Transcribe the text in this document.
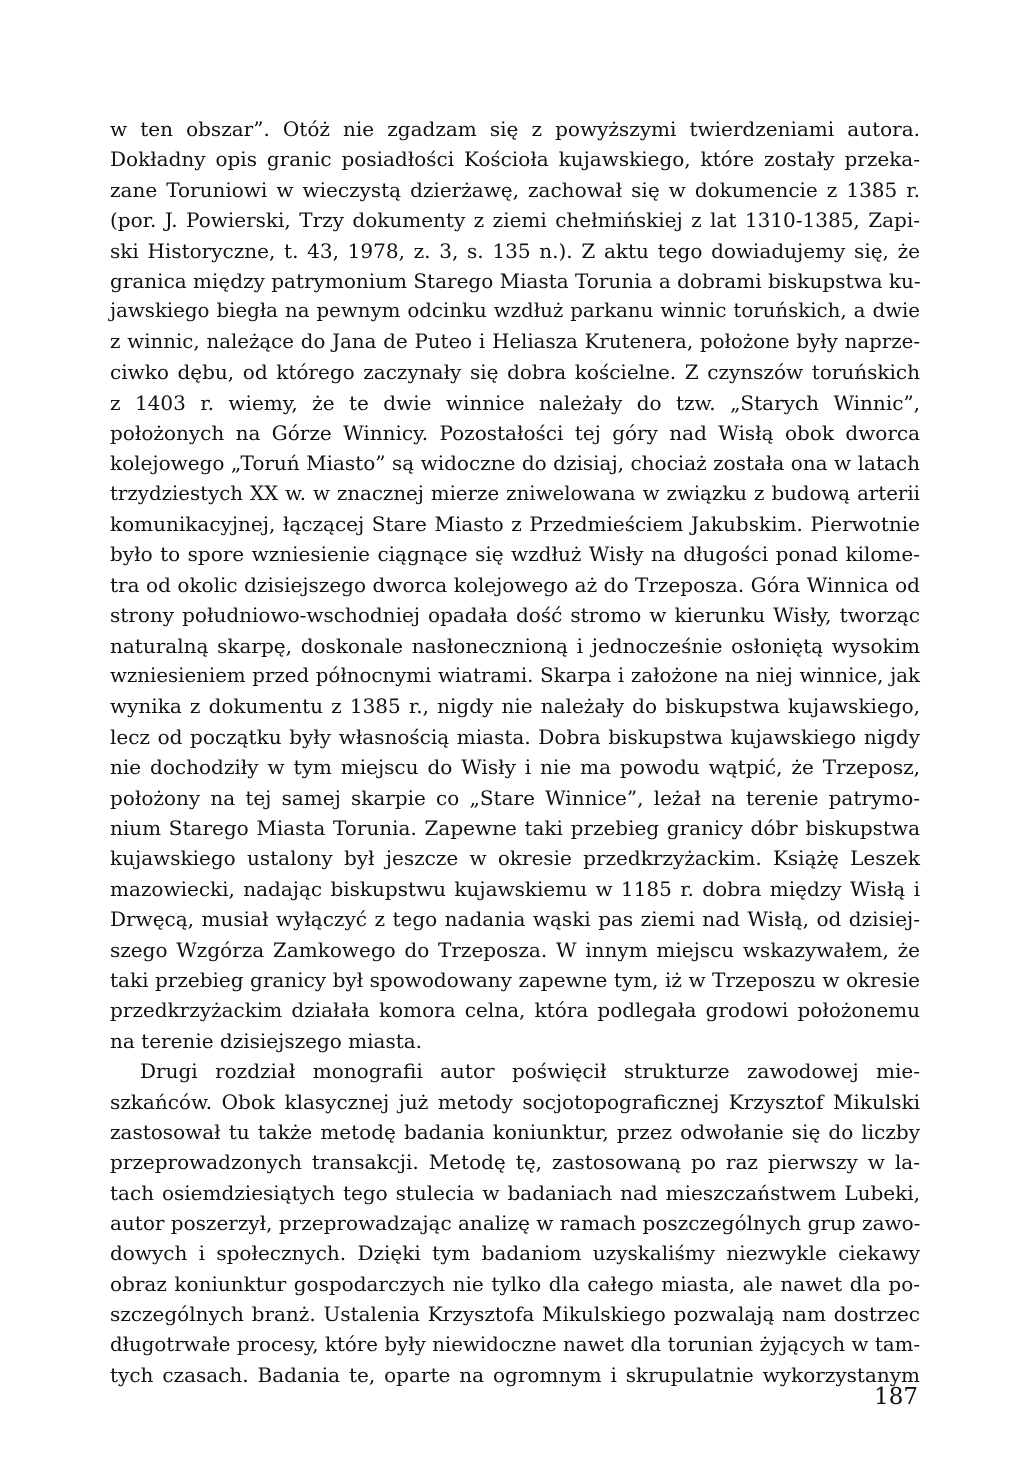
w ten obszar”. Otóż nie zgadzam się z powyższymi twierdzeniami autora.
Dokładny opis granic posiadłości Kościoła kujawskiego, które zostały przeka-
zane Toruniowi w wieczystą dzierżawę, zachował się w dokumencie z 1385 r.
(por. J. Powierski, Trzy dokumenty z ziemi chełmińskiej z lat 1310-1385, Zapi-
ski Historyczne, t. 43, 1978, z. 3, s. 135 n.). Z aktu tego dowiadujemy się, że
granica między patrymonium Starego Miasta Torunia a dobrami biskupstwa ku-
jawskiego biegła na pewnym odcinku wzdłuż parkanu winnic toruńskich, a dwie
z winnic, należące do Jana de Puteo i Heliasza Krutenera, położone były naprze-
ciwko dębu, od którego zaczynały się dobra kościelne. Z czynszów toruńskich
z 1403 r. wiemy, że te dwie winnice należały do tzw. „Starych Winnic”,
położonych na Górze Winnicy. Pozostałości tej góry nad Wisłą obok dworca
kolejowego „Toruń Miasto” są widoczne do dzisiaj, chociaż została ona w latach
trzydziestych XX w. w znacznej mierze zniwelowana w związku z budową arterii
komunikacyjnej, łączącej Stare Miasto z Przedmieściem Jakubskim. Pierwotnie
było to spore wzniesienie ciągnące się wzdłuż Wisły na długości ponad kilome-
tra od okolic dzisiejszego dworca kolejowego aż do Trzeposza. Góra Winnica od
strony południowo-wschodniej opadała dość stromo w kierunku Wisły, tworząc
naturalną skarpę, doskonale nasłonecznioną i jednocześnie osłoniętą wysokim
wzniesieniem przed północnymi wiatrami. Skarpa i założone na niej winnice, jak
wynika z dokumentu z 1385 r., nigdy nie należały do biskupstwa kujawskiego,
lecz od początku były własnością miasta. Dobra biskupstwa kujawskiego nigdy
nie dochodziły w tym miejscu do Wisły i nie ma powodu wątpić, że Trzeposz,
położony na tej samej skarpie co „Stare Winnice”, leżał na terenie patrymo-
nium Starego Miasta Torunia. Zapewne taki przebieg granicy dóbr biskupstwa
kujawskiego ustalony był jeszcze w okresie przedkrzyżackim. Książę Leszek
mazowiecki, nadając biskupstwu kujawskiemu w 1185 r. dobra między Wisłą i
Drwęcą, musiał wyłączyć z tego nadania wąski pas ziemi nad Wisłą, od dzisiej-
szego Wzgórza Zamkowego do Trzeposza. W innym miejscu wskazywałem, że
taki przebieg granicy był spowodowany zapewne tym, iż w Trzeposzu w okresie
przedkrzyżackim działała komora celna, która podlegała grodowi położonemu
na terenie dzisiejszego miasta.
Drugi rozdział monografii autor poświęcił strukturze zawodowej mie-
szkańców. Obok klasycznej już metody socjotopograficznej Krzysztof Mikulski
zastosował tu także metodę badania koniunktur, przez odwołanie się do liczby
przeprowadzonych transakcji. Metodę tę, zastosowaną po raz pierwszy w la-
tach osiemdziesiątych tego stulecia w badaniach nad mieszczaństwem Lubeki,
autor poszerzył, przeprowadzając analizę w ramach poszczególnych grup zawo-
dowych i społecznych. Dzięki tym badaniom uzyskaliśmy niezwykle ciekawy
obraz koniunktur gospodarczych nie tylko dla całego miasta, ale nawet dla po-
szczególnych branż. Ustalenia Krzysztofa Mikulskiego pozwalają nam dostrzec
długotrwałe procesy, które były niewidoczne nawet dla torunian żyjących w tam-
tych czasach. Badania te, oparte na ogromnym i skrupulatnie wykorzystanym
187
